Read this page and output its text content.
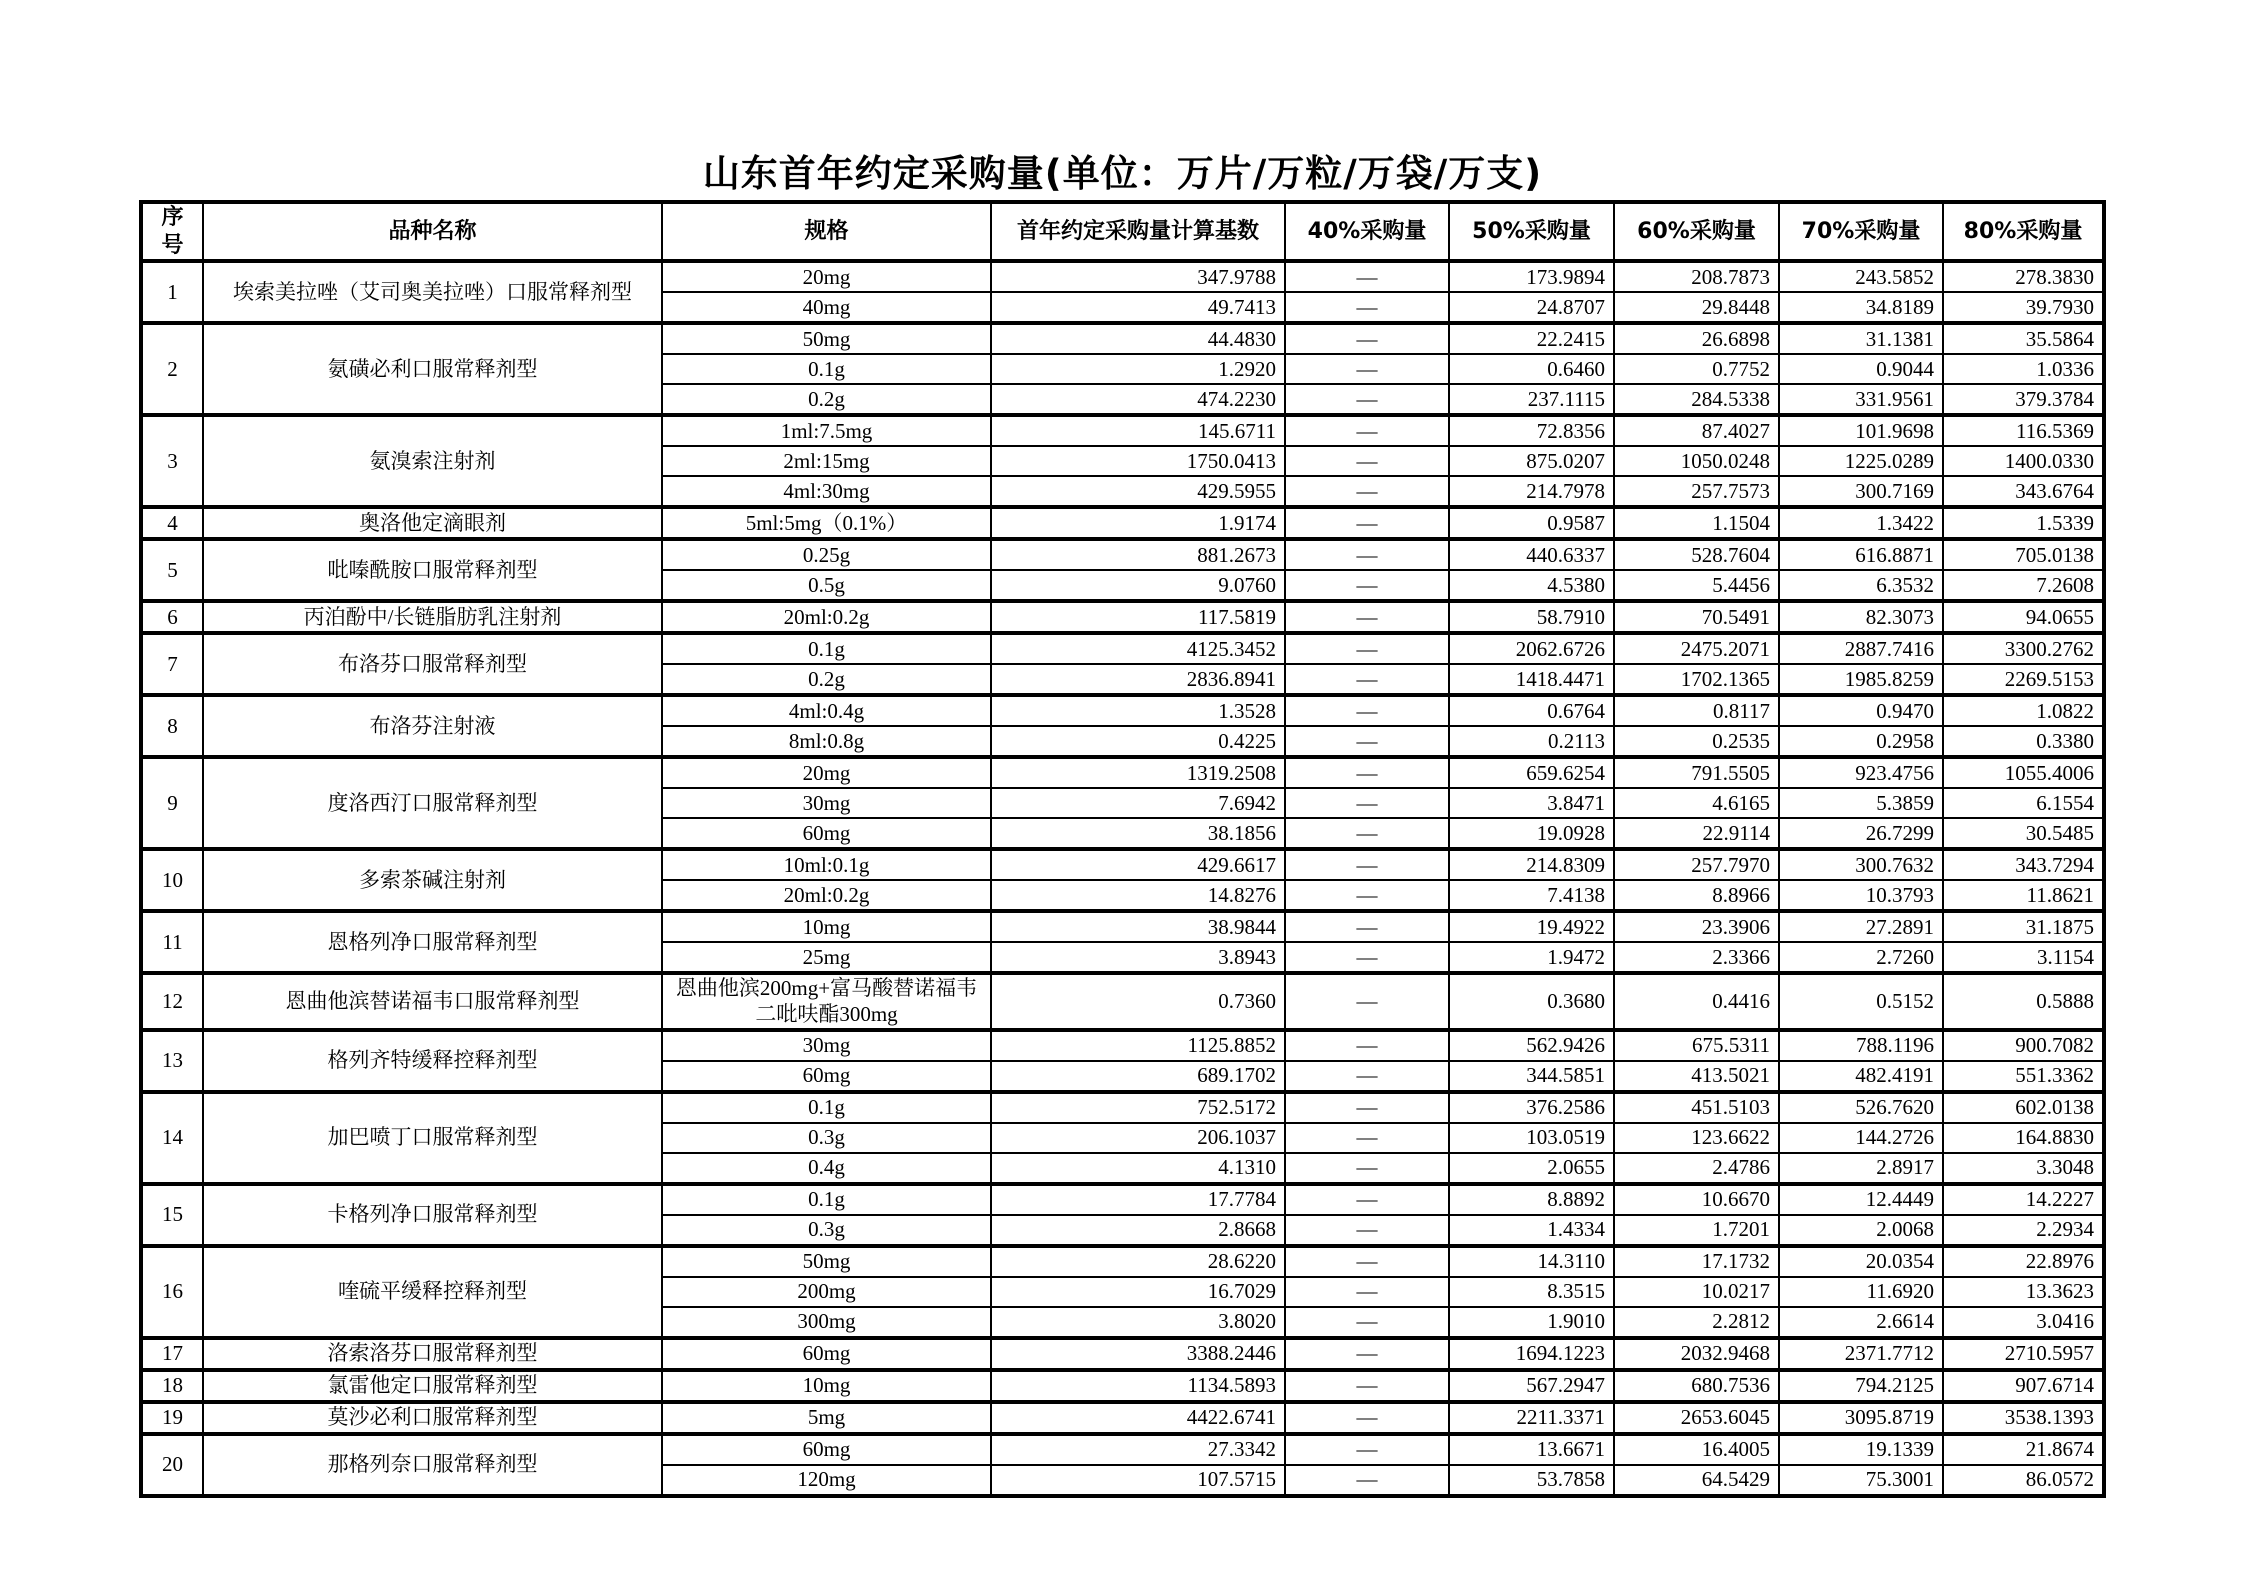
山东首年约定采购量(单位：万片/万粒/万袋/万支)
序号	品种名称	规格	首年约定采购量计算基数	40%采购量	50%采购量	60%采购量	70%采购量	80%采购量
1	埃索美拉唑（艾司奥美拉唑）口服常释剂型	20mg	347.9788	—	173.9894	208.7873	243.5852	278.3830
		40mg	49.7413	—	24.8707	29.8448	34.8189	39.7930
2	氨磺必利口服常释剂型	50mg	44.4830	—	22.2415	26.6898	31.1381	35.5864
		0.1g	1.2920	—	0.6460	0.7752	0.9044	1.0336
		0.2g	474.2230	—	237.1115	284.5338	331.9561	379.3784
3	氨溴索注射剂	1ml:7.5mg	145.6711	—	72.8356	87.4027	101.9698	116.5369
		2ml:15mg	1750.0413	—	875.0207	1050.0248	1225.0289	1400.0330
		4ml:30mg	429.5955	—	214.7978	257.7573	300.7169	343.6764
4	奥洛他定滴眼剂	5ml:5mg（0.1%）	1.9174	—	0.9587	1.1504	1.3422	1.5339
5	吡嗪酰胺口服常释剂型	0.25g	881.2673	—	440.6337	528.7604	616.8871	705.0138
		0.5g	9.0760	—	4.5380	5.4456	6.3532	7.2608
6	丙泊酚中/长链脂肪乳注射剂	20ml:0.2g	117.5819	—	58.7910	70.5491	82.3073	94.0655
7	布洛芬口服常释剂型	0.1g	4125.3452	—	2062.6726	2475.2071	2887.7416	3300.2762
		0.2g	2836.8941	—	1418.4471	1702.1365	1985.8259	2269.5153
8	布洛芬注射液	4ml:0.4g	1.3528	—	0.6764	0.8117	0.9470	1.0822
		8ml:0.8g	0.4225	—	0.2113	0.2535	0.2958	0.3380
9	度洛西汀口服常释剂型	20mg	1319.2508	—	659.6254	791.5505	923.4756	1055.4006
		30mg	7.6942	—	3.8471	4.6165	5.3859	6.1554
		60mg	38.1856	—	19.0928	22.9114	26.7299	30.5485
10	多索茶碱注射剂	10ml:0.1g	429.6617	—	214.8309	257.7970	300.7632	343.7294
		20ml:0.2g	14.8276	—	7.4138	8.8966	10.3793	11.8621
11	恩格列净口服常释剂型	10mg	38.9844	—	19.4922	23.3906	27.2891	31.1875
		25mg	3.8943	—	1.9472	2.3366	2.7260	3.1154
12	恩曲他滨替诺福韦口服常释剂型	恩曲他滨200mg+富马酸替诺福韦二吡呋酯300mg	0.7360	—	0.3680	0.4416	0.5152	0.5888
13	格列齐特缓释控释剂型	30mg	1125.8852	—	562.9426	675.5311	788.1196	900.7082
		60mg	689.1702	—	344.5851	413.5021	482.4191	551.3362
14	加巴喷丁口服常释剂型	0.1g	752.5172	—	376.2586	451.5103	526.7620	602.0138
		0.3g	206.1037	—	103.0519	123.6622	144.2726	164.8830
		0.4g	4.1310	—	2.0655	2.4786	2.8917	3.3048
15	卡格列净口服常释剂型	0.1g	17.7784	—	8.8892	10.6670	12.4449	14.2227
		0.3g	2.8668	—	1.4334	1.7201	2.0068	2.2934
16	喹硫平缓释控释剂型	50mg	28.6220	—	14.3110	17.1732	20.0354	22.8976
		200mg	16.7029	—	8.3515	10.0217	11.6920	13.3623
		300mg	3.8020	—	1.9010	2.2812	2.6614	3.0416
17	洛索洛芬口服常释剂型	60mg	3388.2446	—	1694.1223	2032.9468	2371.7712	2710.5957
18	氯雷他定口服常释剂型	10mg	1134.5893	—	567.2947	680.7536	794.2125	907.6714
19	莫沙必利口服常释剂型	5mg	4422.6741	—	2211.3371	2653.6045	3095.8719	3538.1393
20	那格列奈口服常释剂型	60mg	27.3342	—	13.6671	16.4005	19.1339	21.8674
		120mg	107.5715	—	53.7858	64.5429	75.3001	86.0572
